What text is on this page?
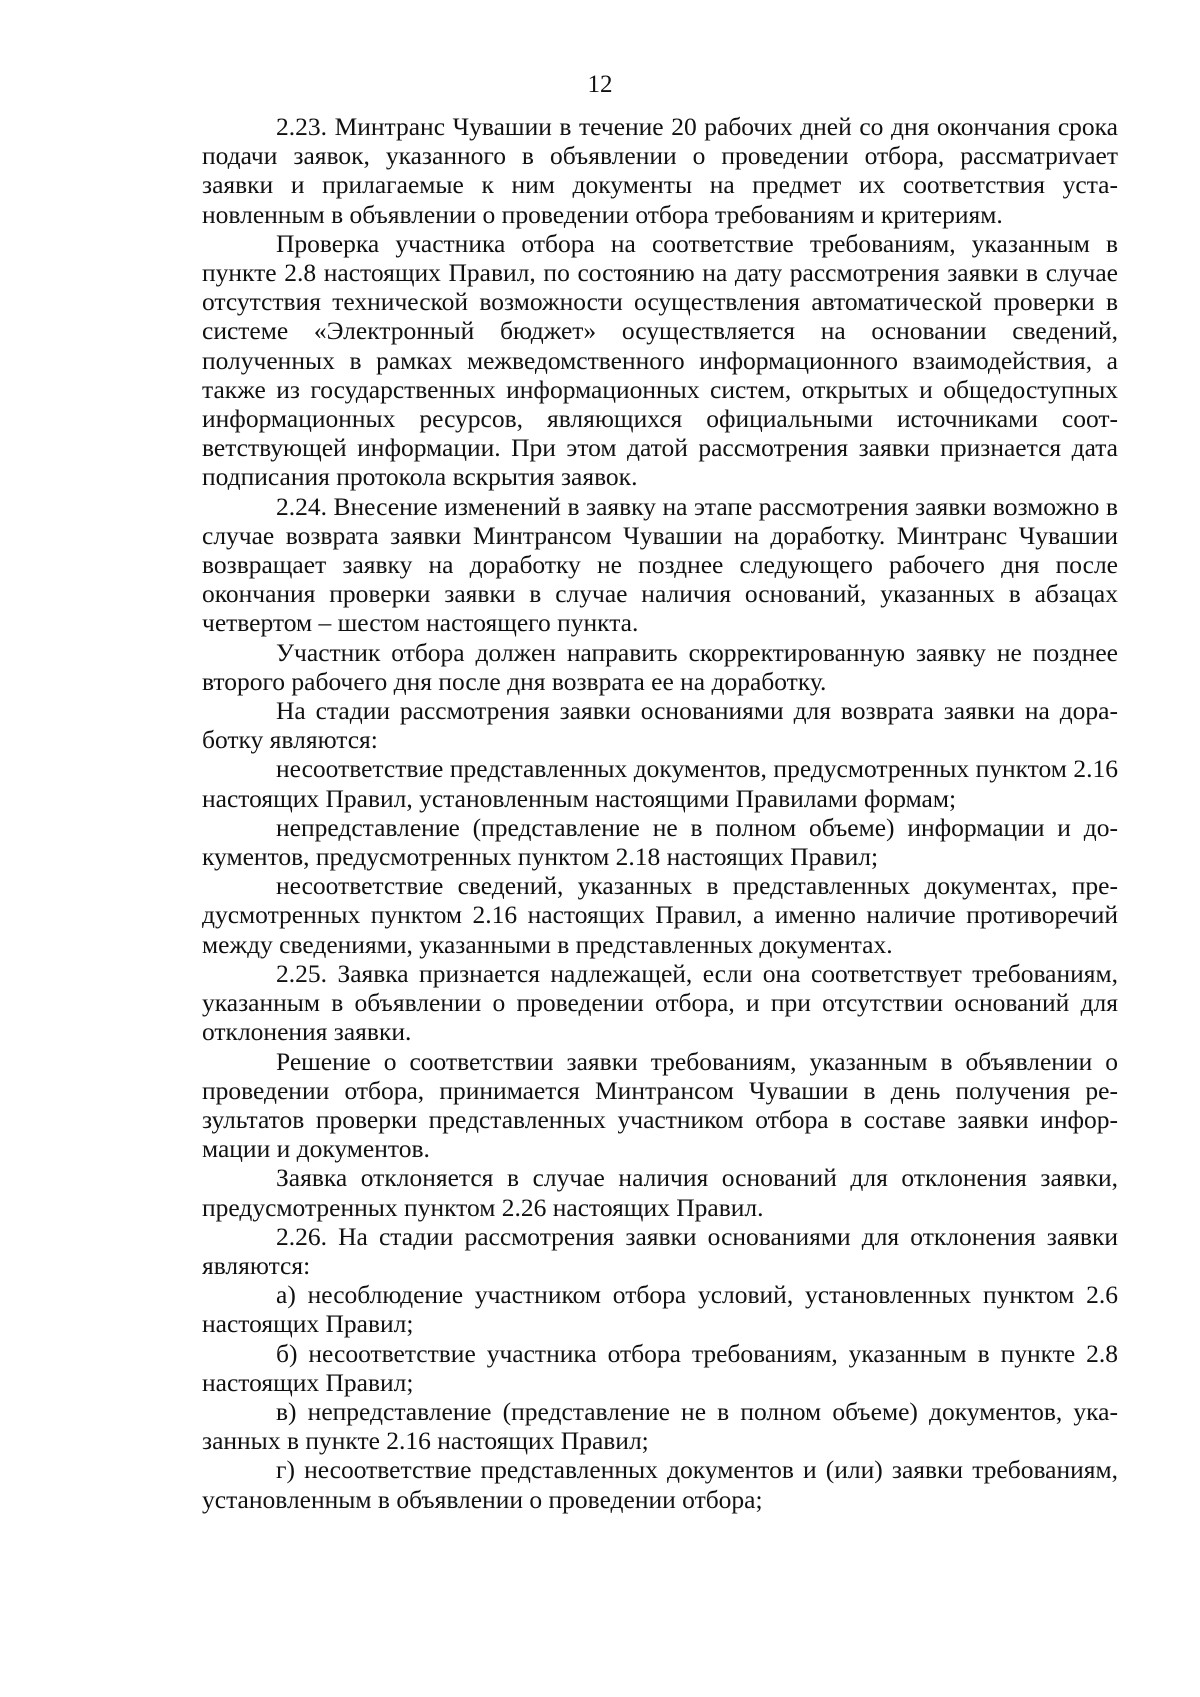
12

2.23. Минтранс Чувашии в течение 20 рабочих дней со дня окончания срока подачи заявок, указанного в объявлении о проведении отбора, рассматриvает заявки и прилагаемые к ним документы на предмет их соответствия установленным в объявлении о проведении отбора требованиям и критериям.

Проверка участника отбора на соответствие требованиям, указанным в пункте 2.8 настоящих Правил, по состоянию на дату рассмотрения заявки в случае отсутствия технической возможности осуществления автоматической проверки в системе «Электронный бюджет» осуществляется на основании сведений, полученных в рамках межведомственного информационного взаимодействия, а также из государственных информационных систем, открытых и общедоступных информационных ресурсов, являющихся официальными источниками соответствующей информации. При этом датой рассмотрения заявки признается дата подписания протокола вскрытия заявок.

2.24. Внесение изменений в заявку на этапе рассмотрения заявки возможно в случае возврата заявки Минтрансом Чувашии на доработку. Минтранс Чувашии возвращает заявку на доработку не позднее следующего рабочего дня после окончания проверки заявки в случае наличия оснований, указанных в абзацах четвертом – шестом настоящего пункта.

Участник отбора должен направить скорректированную заявку не позднее второго рабочего дня после дня возврата ее на доработку.

На стадии рассмотрения заявки основаниями для возврата заявки на доработку являются:

несоответствие представленных документов, предусмотренных пунктом 2.16 настоящих Правил, установленным настоящими Правилами формам;

непредставление (представление не в полном объеме) информации и документов, предусмотренных пунктом 2.18 настоящих Правил;

несоответствие сведений, указанных в представленных документах, предусмотренных пунктом 2.16 настоящих Правил, а именно наличие противоречий между сведениями, указанными в представленных документах.

2.25. Заявка признается надлежащей, если она соответствует требованиям, указанным в объявлении о проведении отбора, и при отсутствии оснований для отклонения заявки.

Решение о соответствии заявки требованиям, указанным в объявлении о проведении отбора, принимается Минтрансом Чувашии в день получения результатов проверки представленных участником отбора в составе заявки информации и документов.

Заявка отклоняется в случае наличия оснований для отклонения заявки, предусмотренных пунктом 2.26 настоящих Правил.

2.26. На стадии рассмотрения заявки основаниями для отклонения заявки являются:

а) несоблюдение участником отбора условий, установленных пунктом 2.6 настоящих Правил;

б) несоответствие участника отбора требованиям, указанным в пункте 2.8 настоящих Правил;

в) непредставление (представление не в полном объеме) документов, указанных в пункте 2.16 настоящих Правил;

г) несоответствие представленных документов и (или) заявки требованиям, установленным в объявлении о проведении отбора;
